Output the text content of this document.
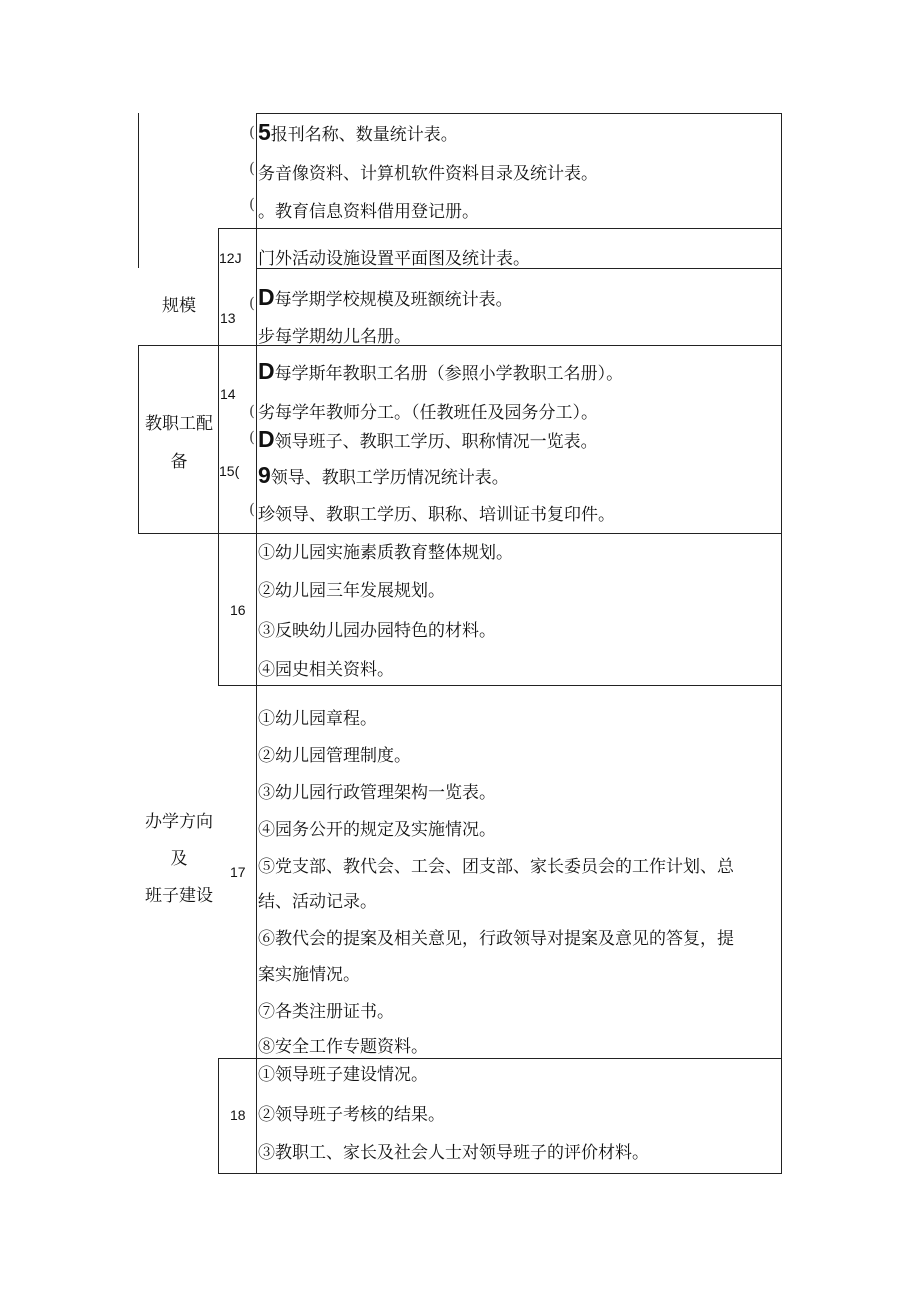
规模
教职工配
备
办学方向
及
班子建设
12J
13
14
15(
16
17
18
(
(
(
(
(
(
(
5报刊名称、数量统计表。
务音像资料、计算机软件资料目录及统计表。
。教育信息资料借用登记册。
门外活动设施设置平面图及统计表。
D每学期学校规模及班额统计表。
步每学期幼儿名册。
D每学斯年教职工名册（参照小学教职工名册）。
劣每学年教师分工。（任教班任及园务分工）。
D领导班子、教职工学历、职称情况一览表。
9领导、教职工学历情况统计表。
珍领导、教职工学历、职称、培训证书复印件。
①幼儿园实施素质教育整体规划。
②幼儿园三年发展规划。
③反映幼儿园办园特色的材料。
④园史相关资料。
①幼儿园章程。
②幼儿园管理制度。
③幼儿园行政管理架构一览表。
④园务公开的规定及实施情况。
⑤党支部、教代会、工会、团支部、家长委员会的工作计划、总
结、活动记录。
⑥教代会的提案及相关意见，行政领导对提案及意见的答复，提
案实施情况。
⑦各类注册证书。
⑧安全工作专题资料。
①领导班子建设情况。
②领导班子考核的结果。
③教职工、家长及社会人士对领导班子的评价材料。
